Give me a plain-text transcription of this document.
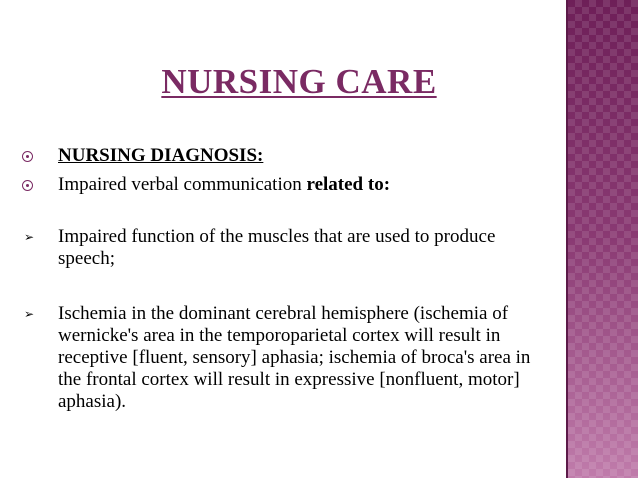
NURSING CARE
NURSING DIAGNOSIS:
Impaired verbal communication related to:
➢	Impaired function of the muscles that are used to produce speech;
➢	Ischemia in the dominant cerebral hemisphere (ischemia of wernicke's area in the temporoparietal cortex will result in receptive [fluent, sensory] aphasia; ischemia of broca's area in the frontal cortex will result in expressive [nonfluent, motor] aphasia).
